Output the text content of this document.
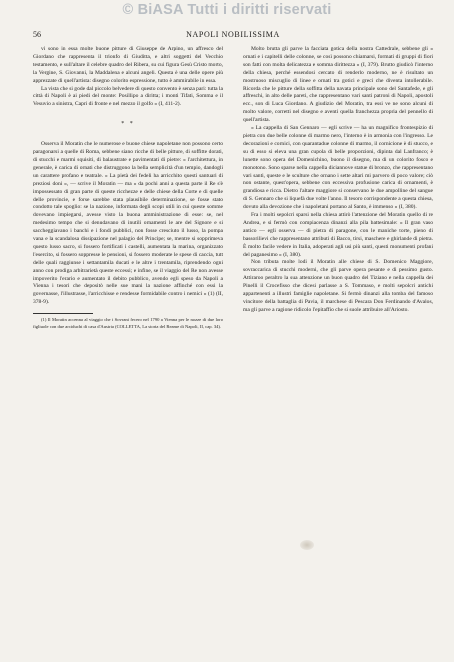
© BiASA Tutti i diritti riservati
56	NAPOLI NOBILISSIMA

vi sono in essa molte buone pitture di Giuseppe de Arpino, un affresco del Giordano che rappresenta il trionfo di Giuditta, e altri soggetti del Vecchio testamento, e sull'altare il celebre quadro del Ribera, su cui figura Gesù Cristo morto, la Vergine, S. Giovanni, la Maddalena e alcuni angeli. Questa è una delle opere più apprezzate di quell'artista: disegno colorito espressione, tutto è ammirabile in essa.

La vista che si gode dal piccolo belvedere di questo convento è senza pari: tutta la città di Napoli è ai piedi del monte: Posillipo a diritta; i monti Tifati, Somma e il Vesuvio a sinistra, Capri di fronte e nel mezzo il golfo » (I, 411-2).

* *

Osserva il Moratin che le numerose e buone chiese napoletane non possono certo paragonarsi a quelle di Roma, sebbene siano ricche di belle pitture, di soffitte dorati, di stucchi e marmi squisiti, di balaustrate e pavimentati di pietre: « l'architettura, in generale, è carica di ornati che distruggono la bella semplicità d'un tempio, dandogli un carattere profano e teatrale. « La pietà dei fedeli ha arricchito questi santuari di preziosi doni », — scrive il Moratin — ma « da pochi anni a questa parte il Re s'è impossessato di gran parte di queste ricchezze e delle chiese della Corte e di quelle delle provincie, e forse sarebbe stata plausibile determinazione, se fosse stato condotto tale spoglio: se la nazione, informata degli scopi utili in cui queste somme dovevano impiegarsi, avesse visto la buona amministrazione di esse: se, nel medesimo tempo che si denudavano di inutili ornamenti le are del Signore e si saccheggiavano i banchi e i fondi pubblici, non fosse cresciuto il lusso, la pompa vana e la scandalosa dissipazione nel palagio del Principe; se, mentre si sopprimeva questo lusso sacro, si fossero fortificati i castelli, aumentata la marina, organizzato l'esercito, si fossero soppresse le pensioni, si fossero moderate le spese di caccia, tutt delle quali raggiunse i settantamila ducati e le altre i trentamila, riprendendo ogni anno con prodiga arbitrarietà queste eccessi; e infine, se il viaggio del Re non avesse impoverito l'erario e aumentato il debito pubblico, avendo egli speso da Napoli a Vienna i tesori che depositò nelle sue mani la nazione affinché con essi la governasse, l'illustrasse, l'arricchisse e rendesse formidabile contro i nemici » (1) (II, 378-9).

(1) Il Moratin accenna al viaggio che i Sovrani fecero nel 1790 a Vienna per le nozze di due loro figliuole con due arciduchi di casa d'Austria (COLLETTA, La storia del Reame di Napoli, II, cap. 34).

Molto brutta gli parve la facciata gotica della nostra Cattedrale, sebbene gli « ornati e i capitelli delle colonne, se così possono chiamarsi, formati di gruppi di fiori son fatti con molta delicatezza e somma dirittezza » (I, 379). Brutto giudicò l'interno della chiesa, perché essendosi cercato di renderlo moderno, ne è risultato un mostruoso miscuglio di linee e ornati tra gotici e greci che diventa intollerabile. Ricorda che le pitture della soffitta della navata principale sono del Santafede, e gli affreschi, in alto delle pareti, che rappresentano vari santi patroni di Napoli, apostoli ecc., son di Luca Giordano. A giudizio del Moratin, tra essi ve ne sono alcuni di molto valore, corretti nel disegno e aventi quella franchezza propria del pennello di quell'artista.

« La cappella di San Gennaro — egli scrive — ha un magnifico frontespizio di pietra con due belle colonne di marmo nero, l'interno è in armonia con l'ingresso. Le decorazioni e cornici, con quarantadue colonne di marmo, il cornicione è di stucco, e su di esso si eleva una gran cupola di belle proporzioni, dipinta dal Lanfranco; è lunette sono opera del Domenichino, buono il disegno, ma di un colorito fosco e monotono. Sono sparse nella cappella diciannove statue di bronzo, che rappresentano vari santi, queste e le sculture che ornano i sette altari mi parvero di poco valore; ciò non ostante, quest'opera, sebbene con eccessiva profusione carica di ornamenti, è grandiosa e ricca. Dietro l'altare maggiore si conservano le due ampolline del sangue di S. Gennaro che si liquefà due volte l'anno. Il tesoro corrispondente a questa chiesa, dovuto alla devozione che i napoletani portano al Santo, è immenso » (I, 380).

Fra i molti sepolcri sparsi nella chiesa attirò l'attenzione del Moratin quello di re Andrea, e si fermò con compiacenza dinanzi alla pila battesimale: « Il gran vaso antico — egli osserva — di pietra di paragone, con le maniche torte, pieno di bassorilievi che rappresentano attributi di Bacco, tirsi, maschere e ghirlande di pietra. È molto facile vedere in Italia, adoperati agli usi più santi, questi monumenti profani del paganesimo » (I, 380).

Non tributa molte lodi il Moratin alle chiese di S. Domenico Maggiore, sovraccarica di stucchi moderni, che gli parve opera pesante e di pessimo gusto. Attiraroo peraltro la sua attenzione un buon quadro del Tiziano e nella cappella dei Pinelli il Crocefisso che dicesi parlasse a S. Tommaso, e molti sepolcri antichi appartenenti a illustri famiglie napoletane. Si fermò dinanzi alla tomba del famoso vincitore della battaglia di Pavia, il marchese di Pescara Don Ferdinando d'Avalos, ma gli parve a ragione ridicolo l'epitaffio che si suole attribuire all'Ariosto.
